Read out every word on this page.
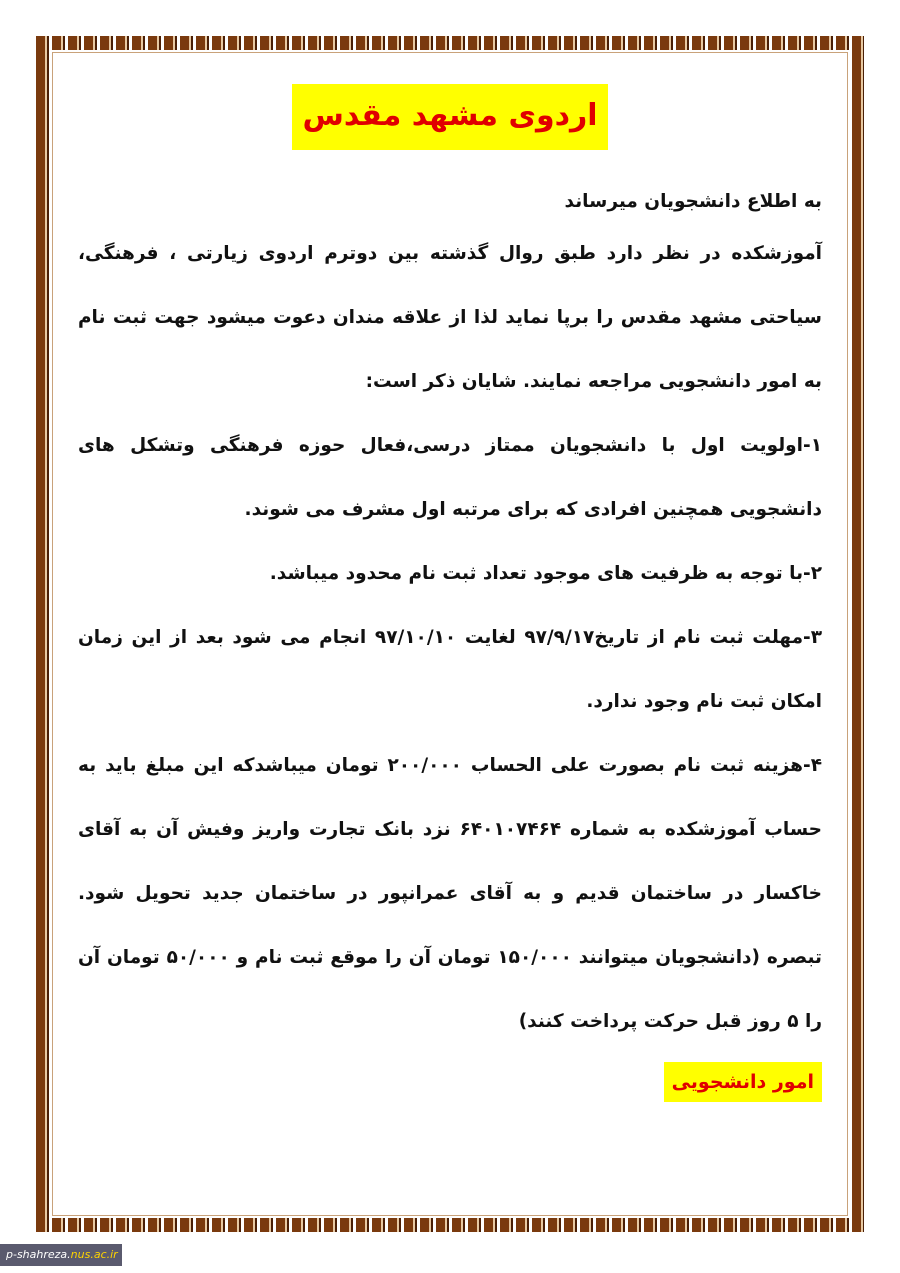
اردوی مشهد مقدس

به اطلاع دانشجویان میرساند

آموزشکده در نظر دارد طبق روال گذشته بین دوترم اردوی زیارتی ، فرهنگی، سیاحتی مشهد مقدس را برپا نماید لذا از علاقه مندان دعوت میشود جهت ثبت نام به امور دانشجویی مراجعه نمایند. شایان ذکر است:

۱-اولویت اول با دانشجویان ممتاز درسی،فعال حوزه فرهنگی وتشکل های دانشجویی همچنین افرادی که برای مرتبه اول مشرف می شوند.

۲-با توجه به ظرفیت های موجود تعداد ثبت نام محدود میباشد.

۳-مهلت ثبت نام از تاریخ۹۷/۹/۱۷ لغایت ۹۷/۱۰/۱۰ انجام می شود بعد از این زمان امکان ثبت نام وجود ندارد.

۴-هزینه ثبت نام بصورت علی الحساب ۲۰۰/۰۰۰ تومان میباشدکه این مبلغ باید به حساب آموزشکده به شماره ۶۴۰۱۰۷۴۶۴ نزد بانک تجارت واریز وفیش آن به آقای خاکسار در ساختمان قدیم و به آقای عمرانپور در ساختمان جدید تحویل شود. تبصره (دانشجویان میتوانند ۱۵۰/۰۰۰ تومان آن را موقع ثبت نام و ۵۰/۰۰۰ تومان آن را ۵ روز قبل حرکت پرداخت کنند)

امور دانشجویی
p-shahreza.nus.ac.ir
